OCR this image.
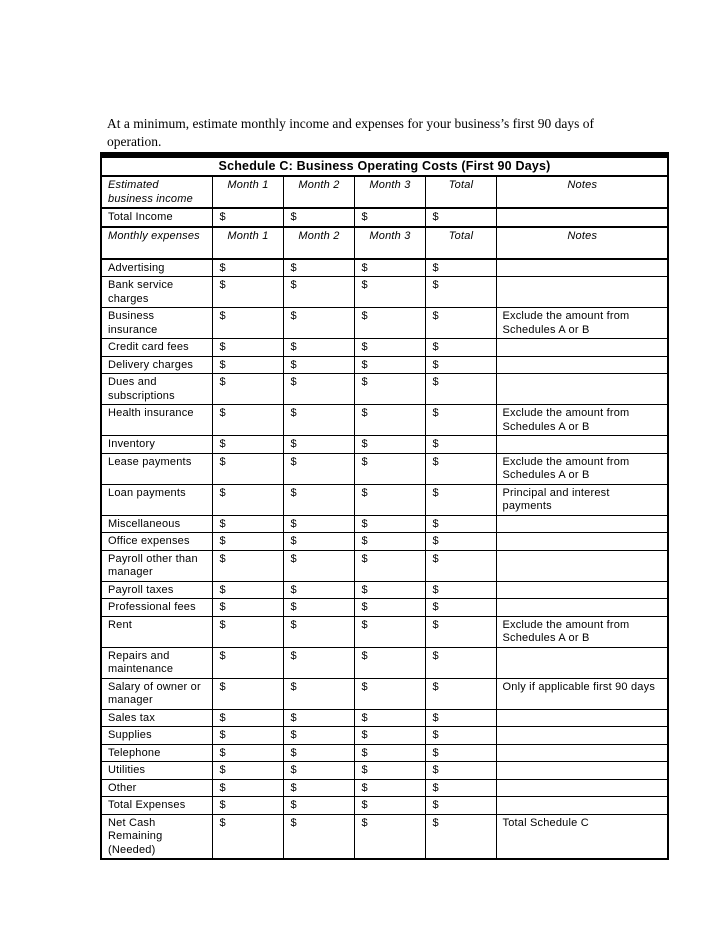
At a minimum, estimate monthly income and expenses for your business’s first 90 days of operation.

Schedule C: Business Operating Costs (First 90 Days)					
Estimated business income	Month 1	Month 2	Month 3	Total	Notes
Total Income	$	$	$	$	
Monthly expenses	Month 1	Month 2	Month 3	Total	Notes
Advertising	$	$	$	$	
Bank service charges	$	$	$	$	
Business insurance	$	$	$	$	Exclude the amount from Schedules A or B
Credit card fees	$	$	$	$	
Delivery charges	$	$	$	$	
Dues and subscriptions	$	$	$	$	
Health insurance	$	$	$	$	Exclude the amount from Schedules A or B
Inventory	$	$	$	$	
Lease payments	$	$	$	$	Exclude the amount from Schedules A or B
Loan payments	$	$	$	$	Principal and interest payments
Miscellaneous	$	$	$	$	
Office expenses	$	$	$	$	
Payroll other than manager	$	$	$	$	
Payroll taxes	$	$	$	$	
Professional fees	$	$	$	$	
Rent	$	$	$	$	Exclude the amount from Schedules A or B
Repairs and maintenance	$	$	$	$	
Salary of owner or manager	$	$	$	$	Only if applicable first 90 days
Sales tax	$	$	$	$	
Supplies	$	$	$	$	
Telephone	$	$	$	$	
Utilities	$	$	$	$	
Other	$	$	$	$	
Total Expenses	$	$	$	$	
Net Cash Remaining (Needed)	$	$	$	$	Total Schedule C
